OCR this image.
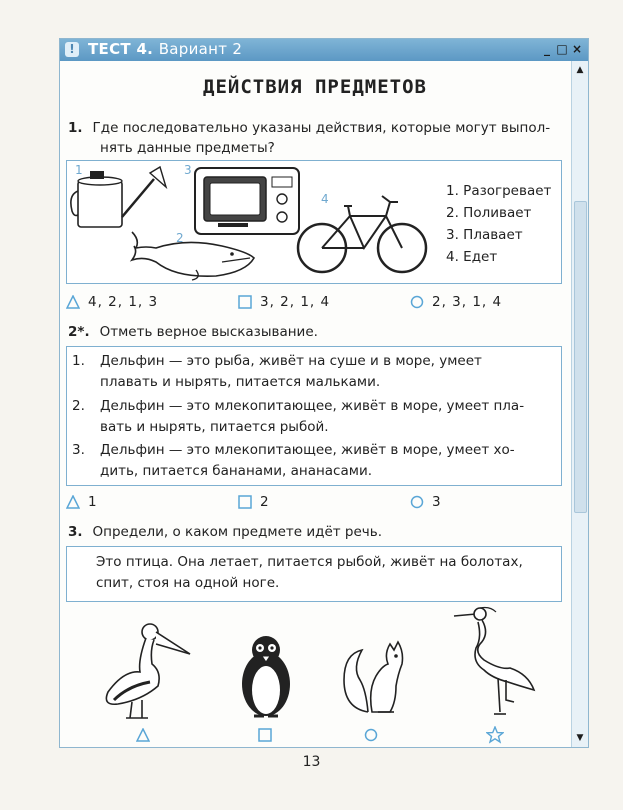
! ТЕСТ 4. Вариант 2	_ □ ×
▲
▼
ДЕЙСТВИЯ ПРЕДМЕТОВ
1. Где последовательно указаны действия, которые могут выпол-
нять данные предметы?
1
2
3
4	1. Разогревает
2. Поливает
3. Плавает
4. Едет
4, 2, 1, 3	3, 2, 1, 4	2, 3, 1, 4
2*. Отметь верное высказывание.
1. Дельфин — это рыба, живёт на суше и в море, умеет
плавать и нырять, питается мальками.
2. Дельфин — это млекопитающее, живёт в море, умеет пла-
вать и нырять, питается рыбой.
3. Дельфин — это млекопитающее, живёт в море, умеет хо-
дить, питается бананами, ананасами.
1	2	3
3. Определи, о каком предмете идёт речь.
Это птица. Она летает, питается рыбой, живёт на болотах,
спит, стоя на одной ноге.
13
